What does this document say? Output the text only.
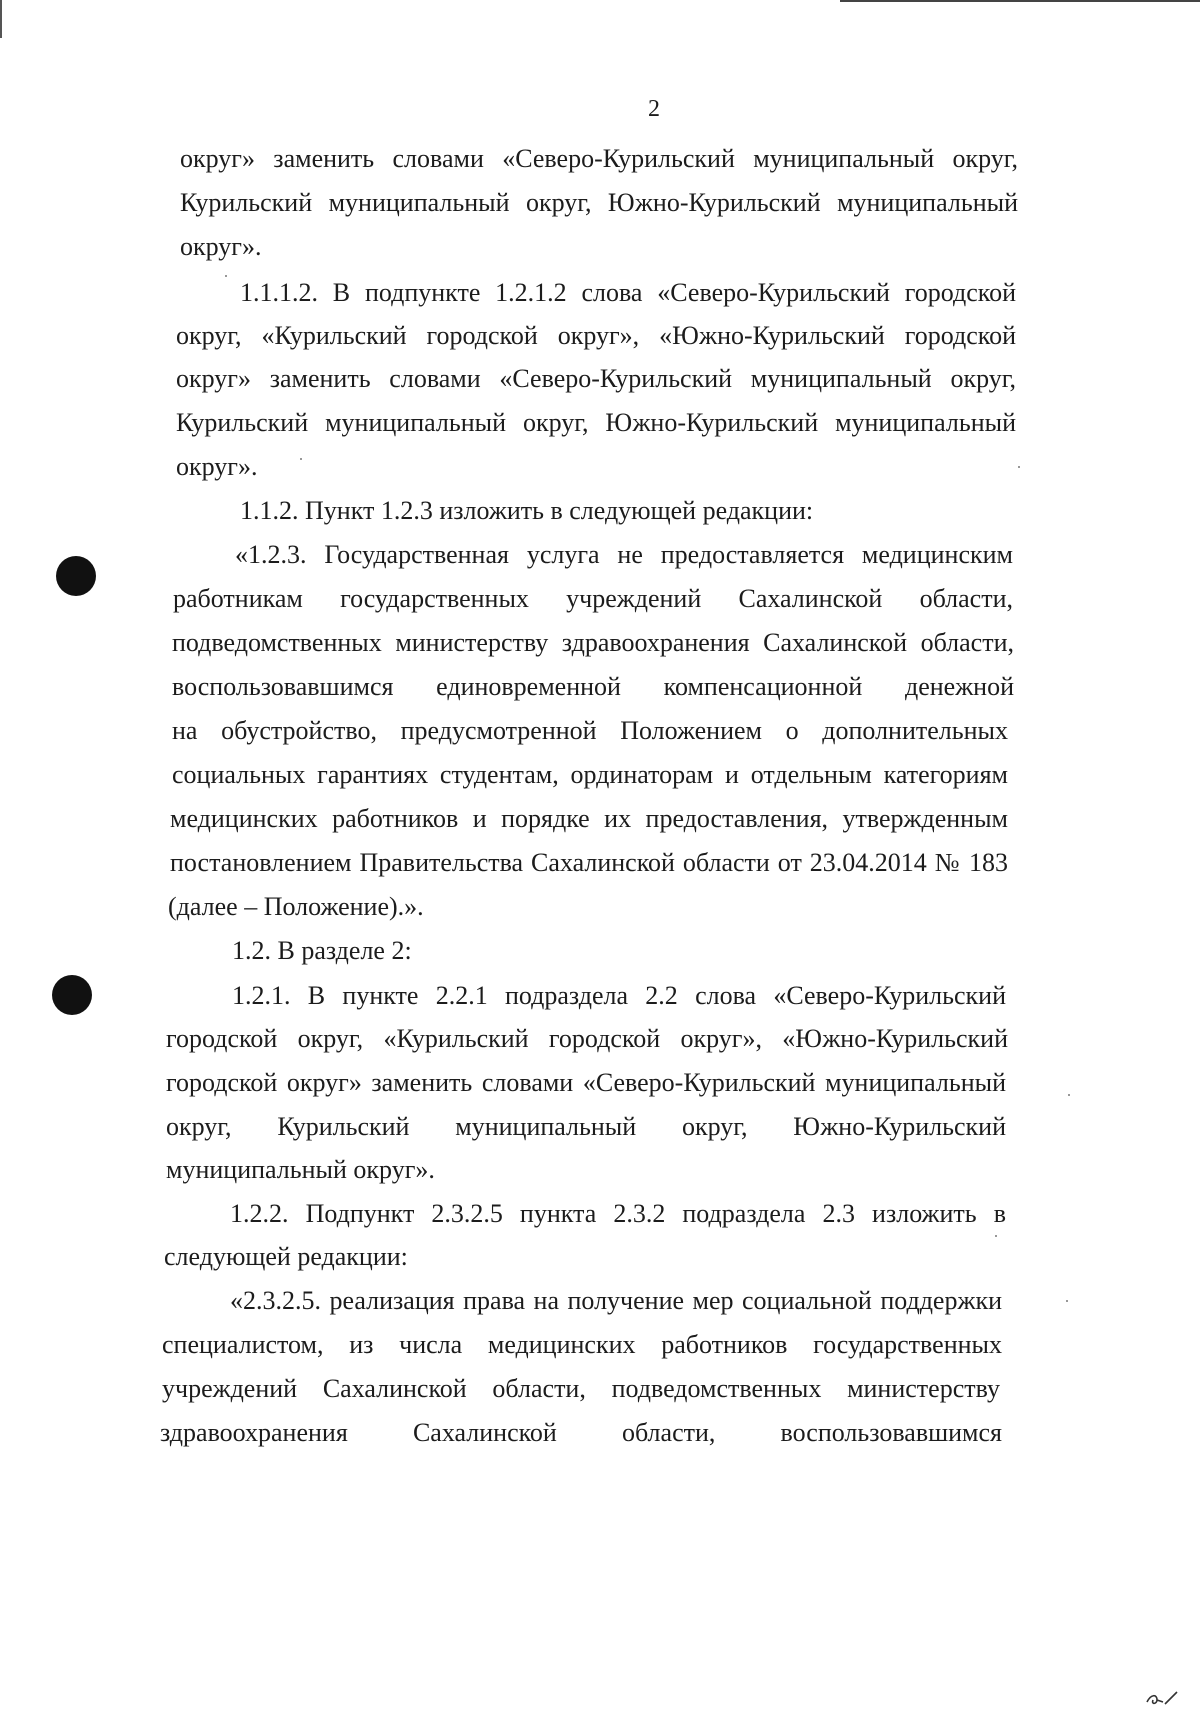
2
округ» заменить словами «Северо-Курильский муниципальный округ,
Курильский муниципальный округ, Южно-Курильский муниципальный
округ».
1.1.1.2. В подпункте 1.2.1.2 слова «Северо-Курильский городской
округ, «Курильский городской округ», «Южно-Курильский городской
округ» заменить словами «Северо-Курильский муниципальный округ,
Курильский муниципальный округ, Южно-Курильский муниципальный
округ».
1.1.2. Пункт 1.2.3 изложить в следующей редакции:
«1.2.3. Государственная услуга не предоставляется медицинским
работникам государственных учреждений Сахалинской области,
подведомственных министерству здравоохранения Сахалинской области,
воспользовавшимся единовременной компенсационной денежной
на обустройство, предусмотренной Положением о дополнительных
социальных гарантиях студентам, ординаторам и отдельным категориям
медицинских работников и порядке их предоставления, утвержденным
постановлением Правительства Сахалинской области от 23.04.2014 № 183
(далее – Положение).».
1.2. В разделе 2:
1.2.1. В пункте 2.2.1 подраздела 2.2 слова «Северо-Курильский
городской округ, «Курильский городской округ», «Южно-Курильский
городской округ» заменить словами «Северо-Курильский муниципальный
округ, Курильский муниципальный округ, Южно-Курильский
муниципальный округ».
1.2.2. Подпункт 2.3.2.5 пункта 2.3.2 подраздела 2.3 изложить в
следующей редакции:
«2.3.2.5. реализация права на получение мер социальной поддержки
специалистом, из числа медицинских работников государственных
учреждений Сахалинской области, подведомственных министерству
здравоохранения Сахалинской области, воспользовавшимся
